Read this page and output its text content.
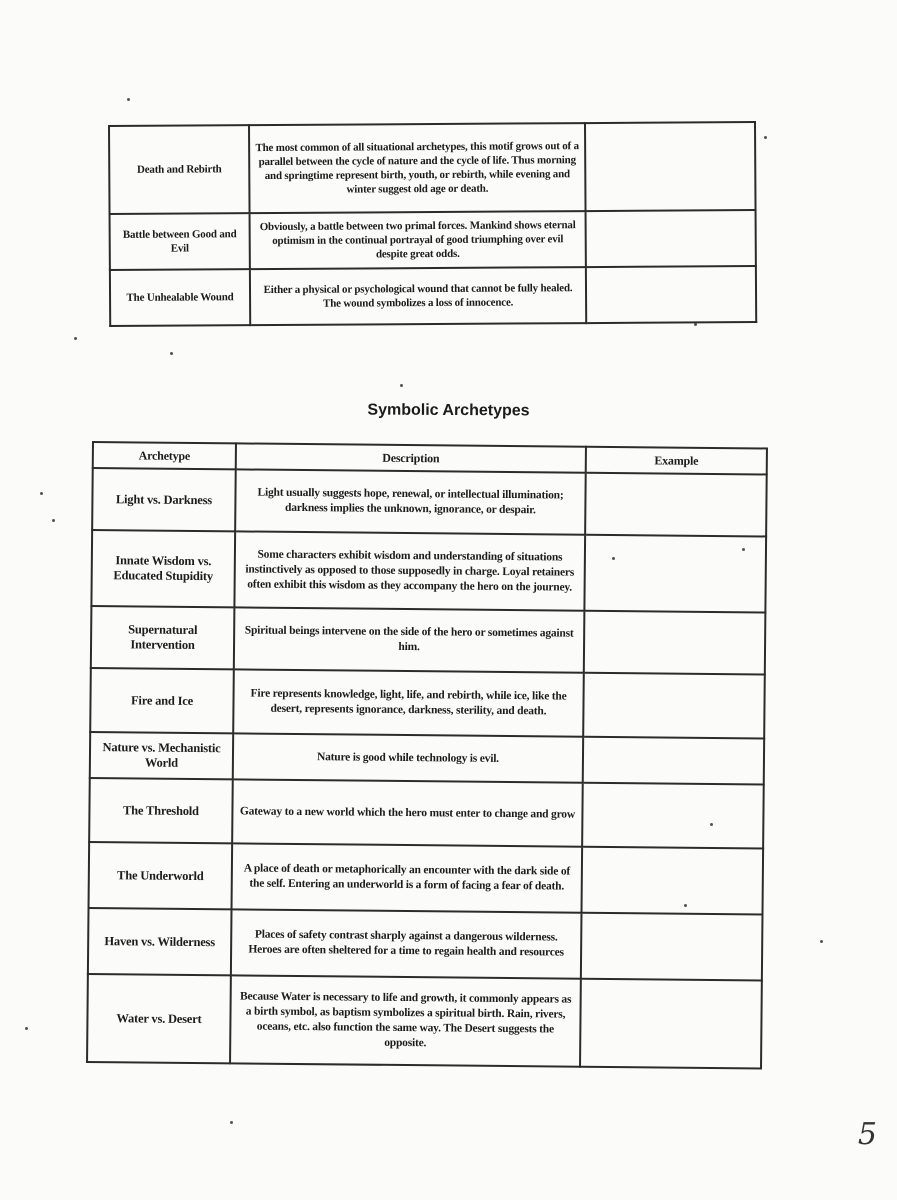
Death and Rebirth	The most common of all situational archetypes, this motif grows out of a parallel between the cycle of nature and the cycle of life. Thus morning and springtime represent birth, youth, or rebirth, while evening and winter suggest old age or death.	
Battle between Good and Evil	Obviously, a battle between two primal forces. Mankind shows eternal optimism in the continual portrayal of good triumphing over evil despite great odds.	
The Unhealable Wound	Either a physical or psychological wound that cannot be fully healed. The wound symbolizes a loss of innocence.	
Symbolic Archetypes
Archetype	Description	Example
Light vs. Darkness	Light usually suggests hope, renewal, or intellectual illumination; darkness implies the unknown, ignorance, or despair.	
Innate Wisdom vs. Educated Stupidity	Some characters exhibit wisdom and understanding of situations instinctively as opposed to those supposedly in charge. Loyal retainers often exhibit this wisdom as they accompany the hero on the journey.	
Supernatural Intervention	Spiritual beings intervene on the side of the hero or sometimes against him.	
Fire and Ice	Fire represents knowledge, light, life, and rebirth, while ice, like the desert, represents ignorance, darkness, sterility, and death.	
Nature vs. Mechanistic World	Nature is good while technology is evil.	
The Threshold	Gateway to a new world which the hero must enter to change and grow	
The Underworld	A place of death or metaphorically an encounter with the dark side of the self. Entering an underworld is a form of facing a fear of death.	
Haven vs. Wilderness	Places of safety contrast sharply against a dangerous wilderness. Heroes are often sheltered for a time to regain health and resources	
Water vs. Desert	Because Water is necessary to life and growth, it commonly appears as a birth symbol, as baptism symbolizes a spiritual birth. Rain, rivers, oceans, etc. also function the same way. The Desert suggests the opposite.	
5
